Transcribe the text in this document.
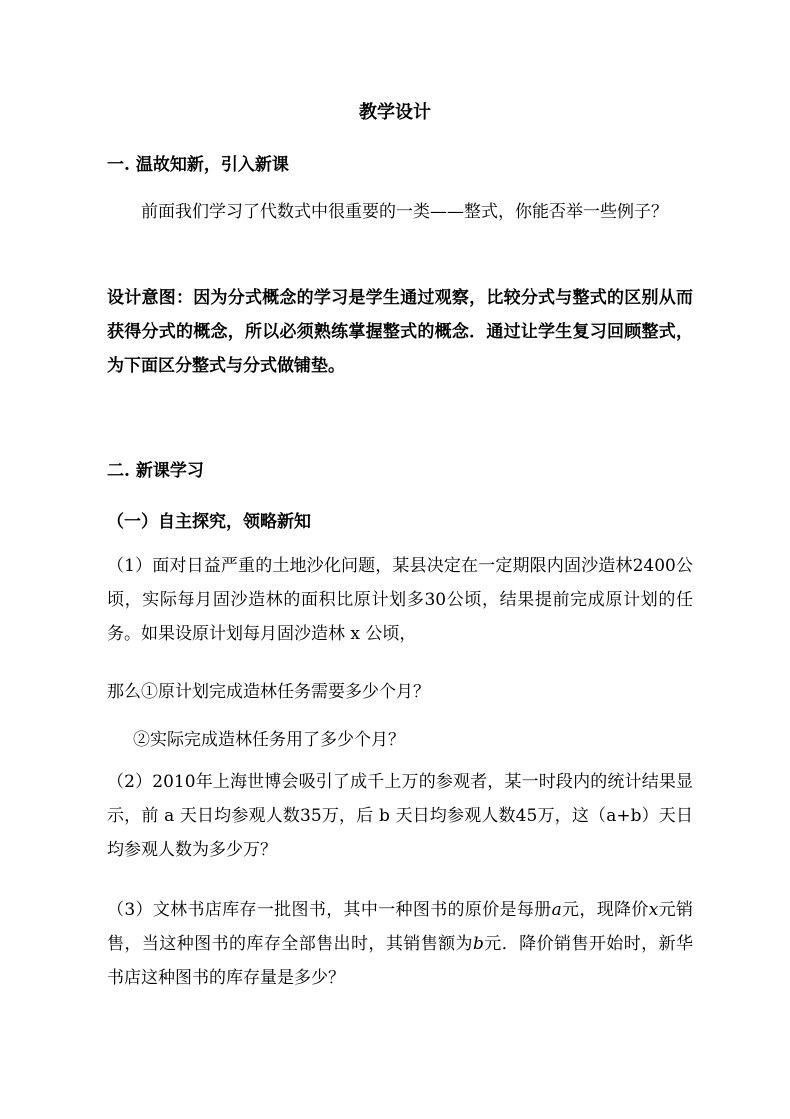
教学设计
一. 温故知新，引入新课
前面我们学习了代数式中很重要的一类——整式，你能否举一些例子？
设计意图：因为分式概念的学习是学生通过观察，比较分式与整式的区别从而获得分式的概念，所以必须熟练掌握整式的概念．通过让学生复习回顾整式，为下面区分整式与分式做铺垫。
二. 新课学习
（一）自主探究，领略新知
（1）面对日益严重的土地沙化问题，某县决定在一定期限内固沙造林2400公顷，实际每月固沙造林的面积比原计划多30公顷，结果提前完成原计划的任务。如果设原计划每月固沙造林 x 公顷，
那么①原计划完成造林任务需要多少个月？
②实际完成造林任务用了多少个月？
（2）2010年上海世博会吸引了成千上万的参观者，某一时段内的统计结果显示，前 a 天日均参观人数35万，后 b 天日均参观人数45万，这（a+b）天日均参观人数为多少万？
（3）文林书店库存一批图书，其中一种图书的原价是每册a元，现降价x元销售，当这种图书的库存全部售出时，其销售额为b元．降价销售开始时，新华书店这种图书的库存量是多少？
